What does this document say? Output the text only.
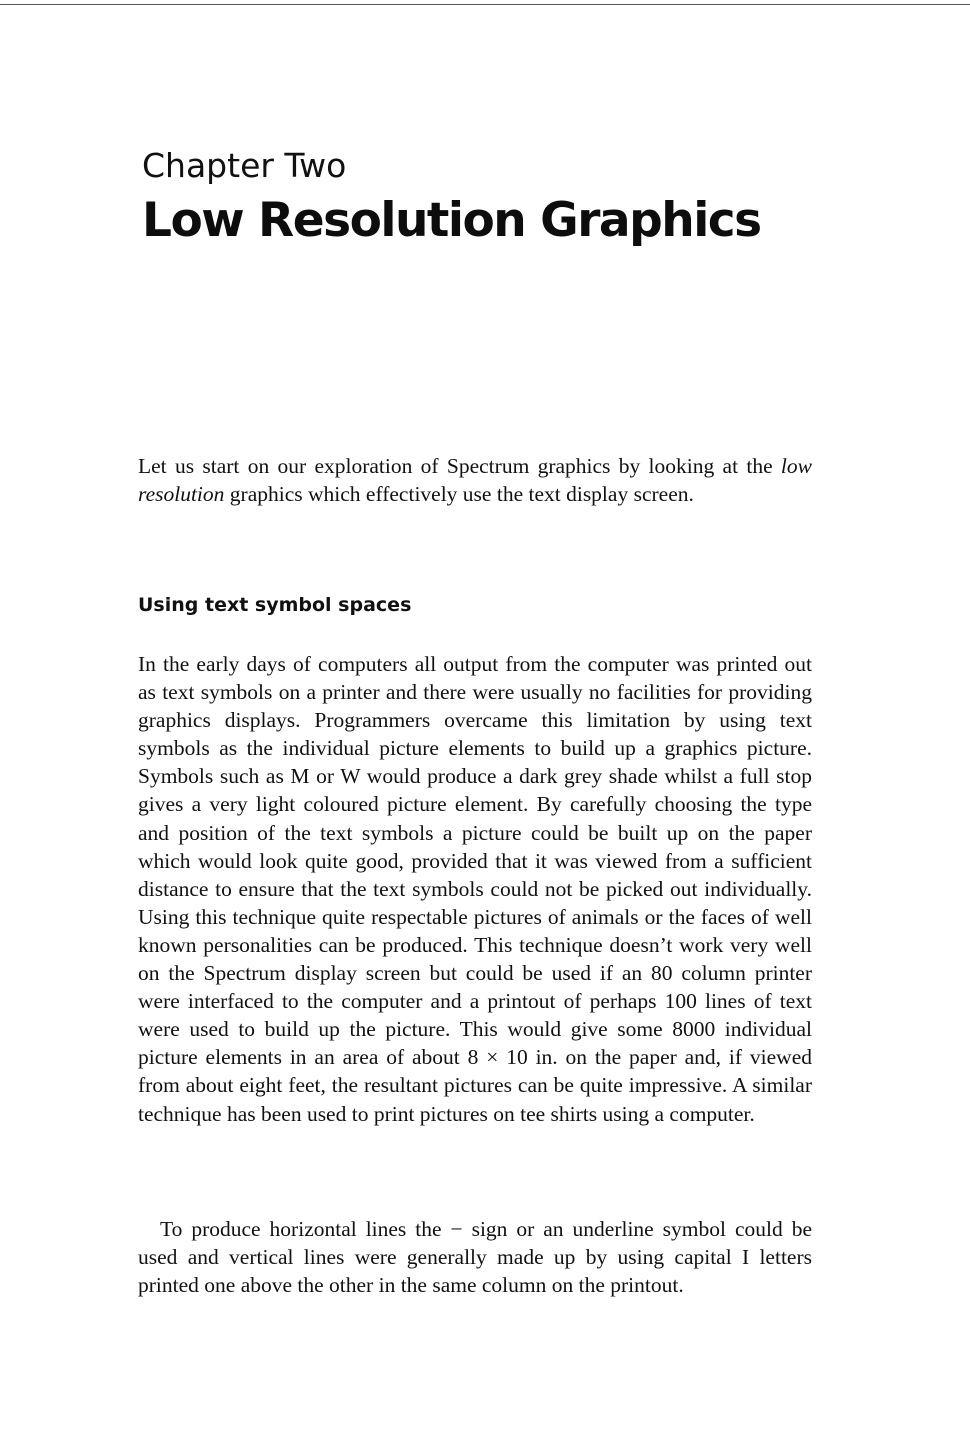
Chapter Two
Low Resolution Graphics

Let us start on our exploration of Spectrum graphics by looking at the low resolution graphics which effectively use the text display screen.

Using text symbol spaces

In the early days of computers all output from the computer was printed out as text symbols on a printer and there were usually no facilities for providing graphics displays. Programmers overcame this limitation by using text symbols as the individual picture elements to build up a graphics picture. Symbols such as M or W would produce a dark grey shade whilst a full stop gives a very light coloured picture element. By carefully choosing the type and position of the text symbols a picture could be built up on the paper which would look quite good, provided that it was viewed from a sufficient distance to ensure that the text symbols could not be picked out individually. Using this technique quite respectable pictures of animals or the faces of well known personalities can be produced. This technique doesn’t work very well on the Spectrum display screen but could be used if an 80 column printer were interfaced to the computer and a printout of perhaps 100 lines of text were used to build up the picture. This would give some 8000 individual picture elements in an area of about 8 × 10 in. on the paper and, if viewed from about eight feet, the resultant pictures can be quite impressive. A similar technique has been used to print pictures on tee shirts using a computer.

To produce horizontal lines the − sign or an underline symbol could be used and vertical lines were generally made up by using capital I letters printed one above the other in the same column on the printout.
